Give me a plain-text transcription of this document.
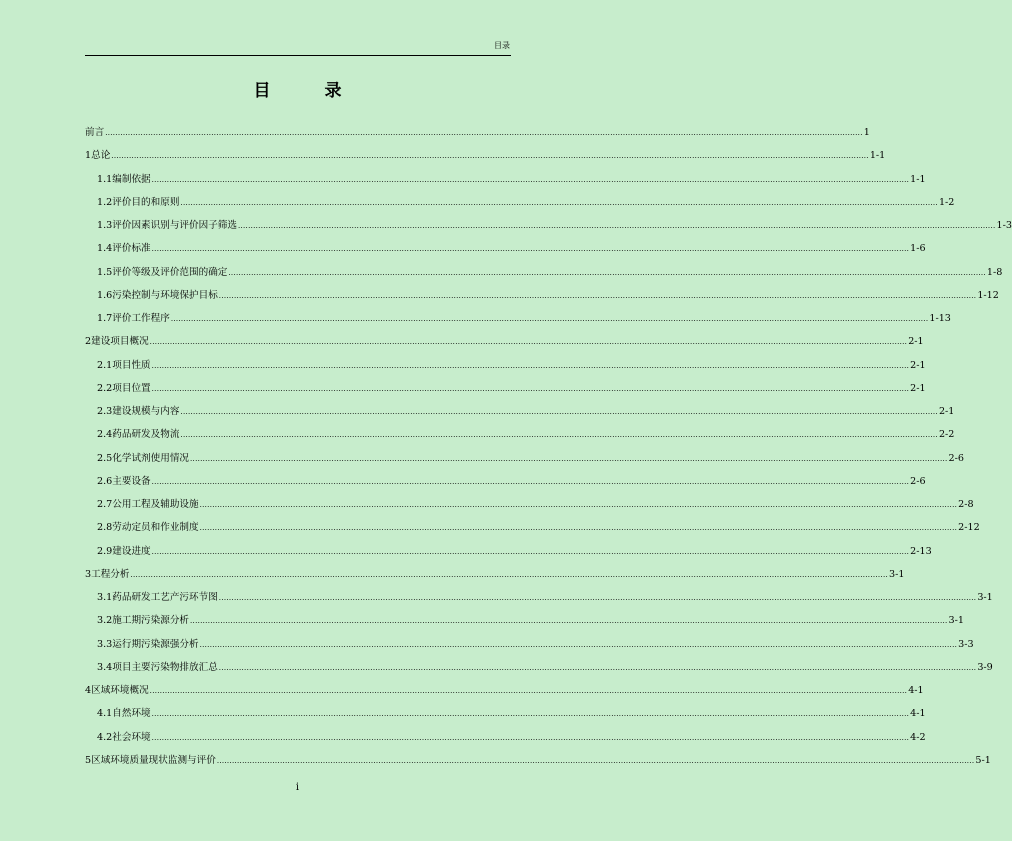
目录
目 录
前 言 ............................................................................................................................................................................................................................................................................................................ 1
1 总论 ............................................................................................................................................................................................................................................................................................................ 1-1
1.1 编制依据 ............................................................................................................................................................................................................................................................................................................ 1-1
1.2 评价目的和原则 ............................................................................................................................................................................................................................................................................................................ 1-2
1.3 评价因素识别与评价因子筛选 ............................................................................................................................................................................................................................................................................................................ 1-3
1.4 评价标准 ............................................................................................................................................................................................................................................................................................................ 1-6
1.5 评价等级及评价范围的确定 ............................................................................................................................................................................................................................................................................................................ 1-8
1.6 污染控制与环境保护目标 ............................................................................................................................................................................................................................................................................................................ 1-12
1.7 评价工作程序 ............................................................................................................................................................................................................................................................................................................ 1-13
2 建设项目概况 ............................................................................................................................................................................................................................................................................................................ 2-1
2.1 项目性质 ............................................................................................................................................................................................................................................................................................................ 2-1
2.2 项目位置 ............................................................................................................................................................................................................................................................................................................ 2-1
2.3 建设规模与内容 ............................................................................................................................................................................................................................................................................................................ 2-1
2.4 药品研发及物流 ............................................................................................................................................................................................................................................................................................................ 2-2
2.5 化学试剂使用情况 ............................................................................................................................................................................................................................................................................................................ 2-6
2.6 主要设备 ............................................................................................................................................................................................................................................................................................................ 2-6
2.7 公用工程及辅助设施 ............................................................................................................................................................................................................................................................................................................ 2-8
2.8 劳动定员和作业制度 ............................................................................................................................................................................................................................................................................................................ 2-12
2.9 建设进度 ............................................................................................................................................................................................................................................................................................................ 2-13
3 工程分析 ............................................................................................................................................................................................................................................................................................................ 3-1
3.1 药品研发工艺产污环节图 ............................................................................................................................................................................................................................................................................................................ 3-1
3.2 施工期污染源分析 ............................................................................................................................................................................................................................................................................................................ 3-1
3.3 运行期污染源强分析 ............................................................................................................................................................................................................................................................................................................ 3-3
3.4 项目主要污染物排放汇总 ............................................................................................................................................................................................................................................................................................................ 3-9
4 区域环境概况 ............................................................................................................................................................................................................................................................................................................ 4-1
4.1 自然环境 ............................................................................................................................................................................................................................................................................................................ 4-1
4.2 社会环境 ............................................................................................................................................................................................................................................................................................................ 4-2
5 区域环境质量现状监测与评价 ............................................................................................................................................................................................................................................................................................................ 5-1
i
